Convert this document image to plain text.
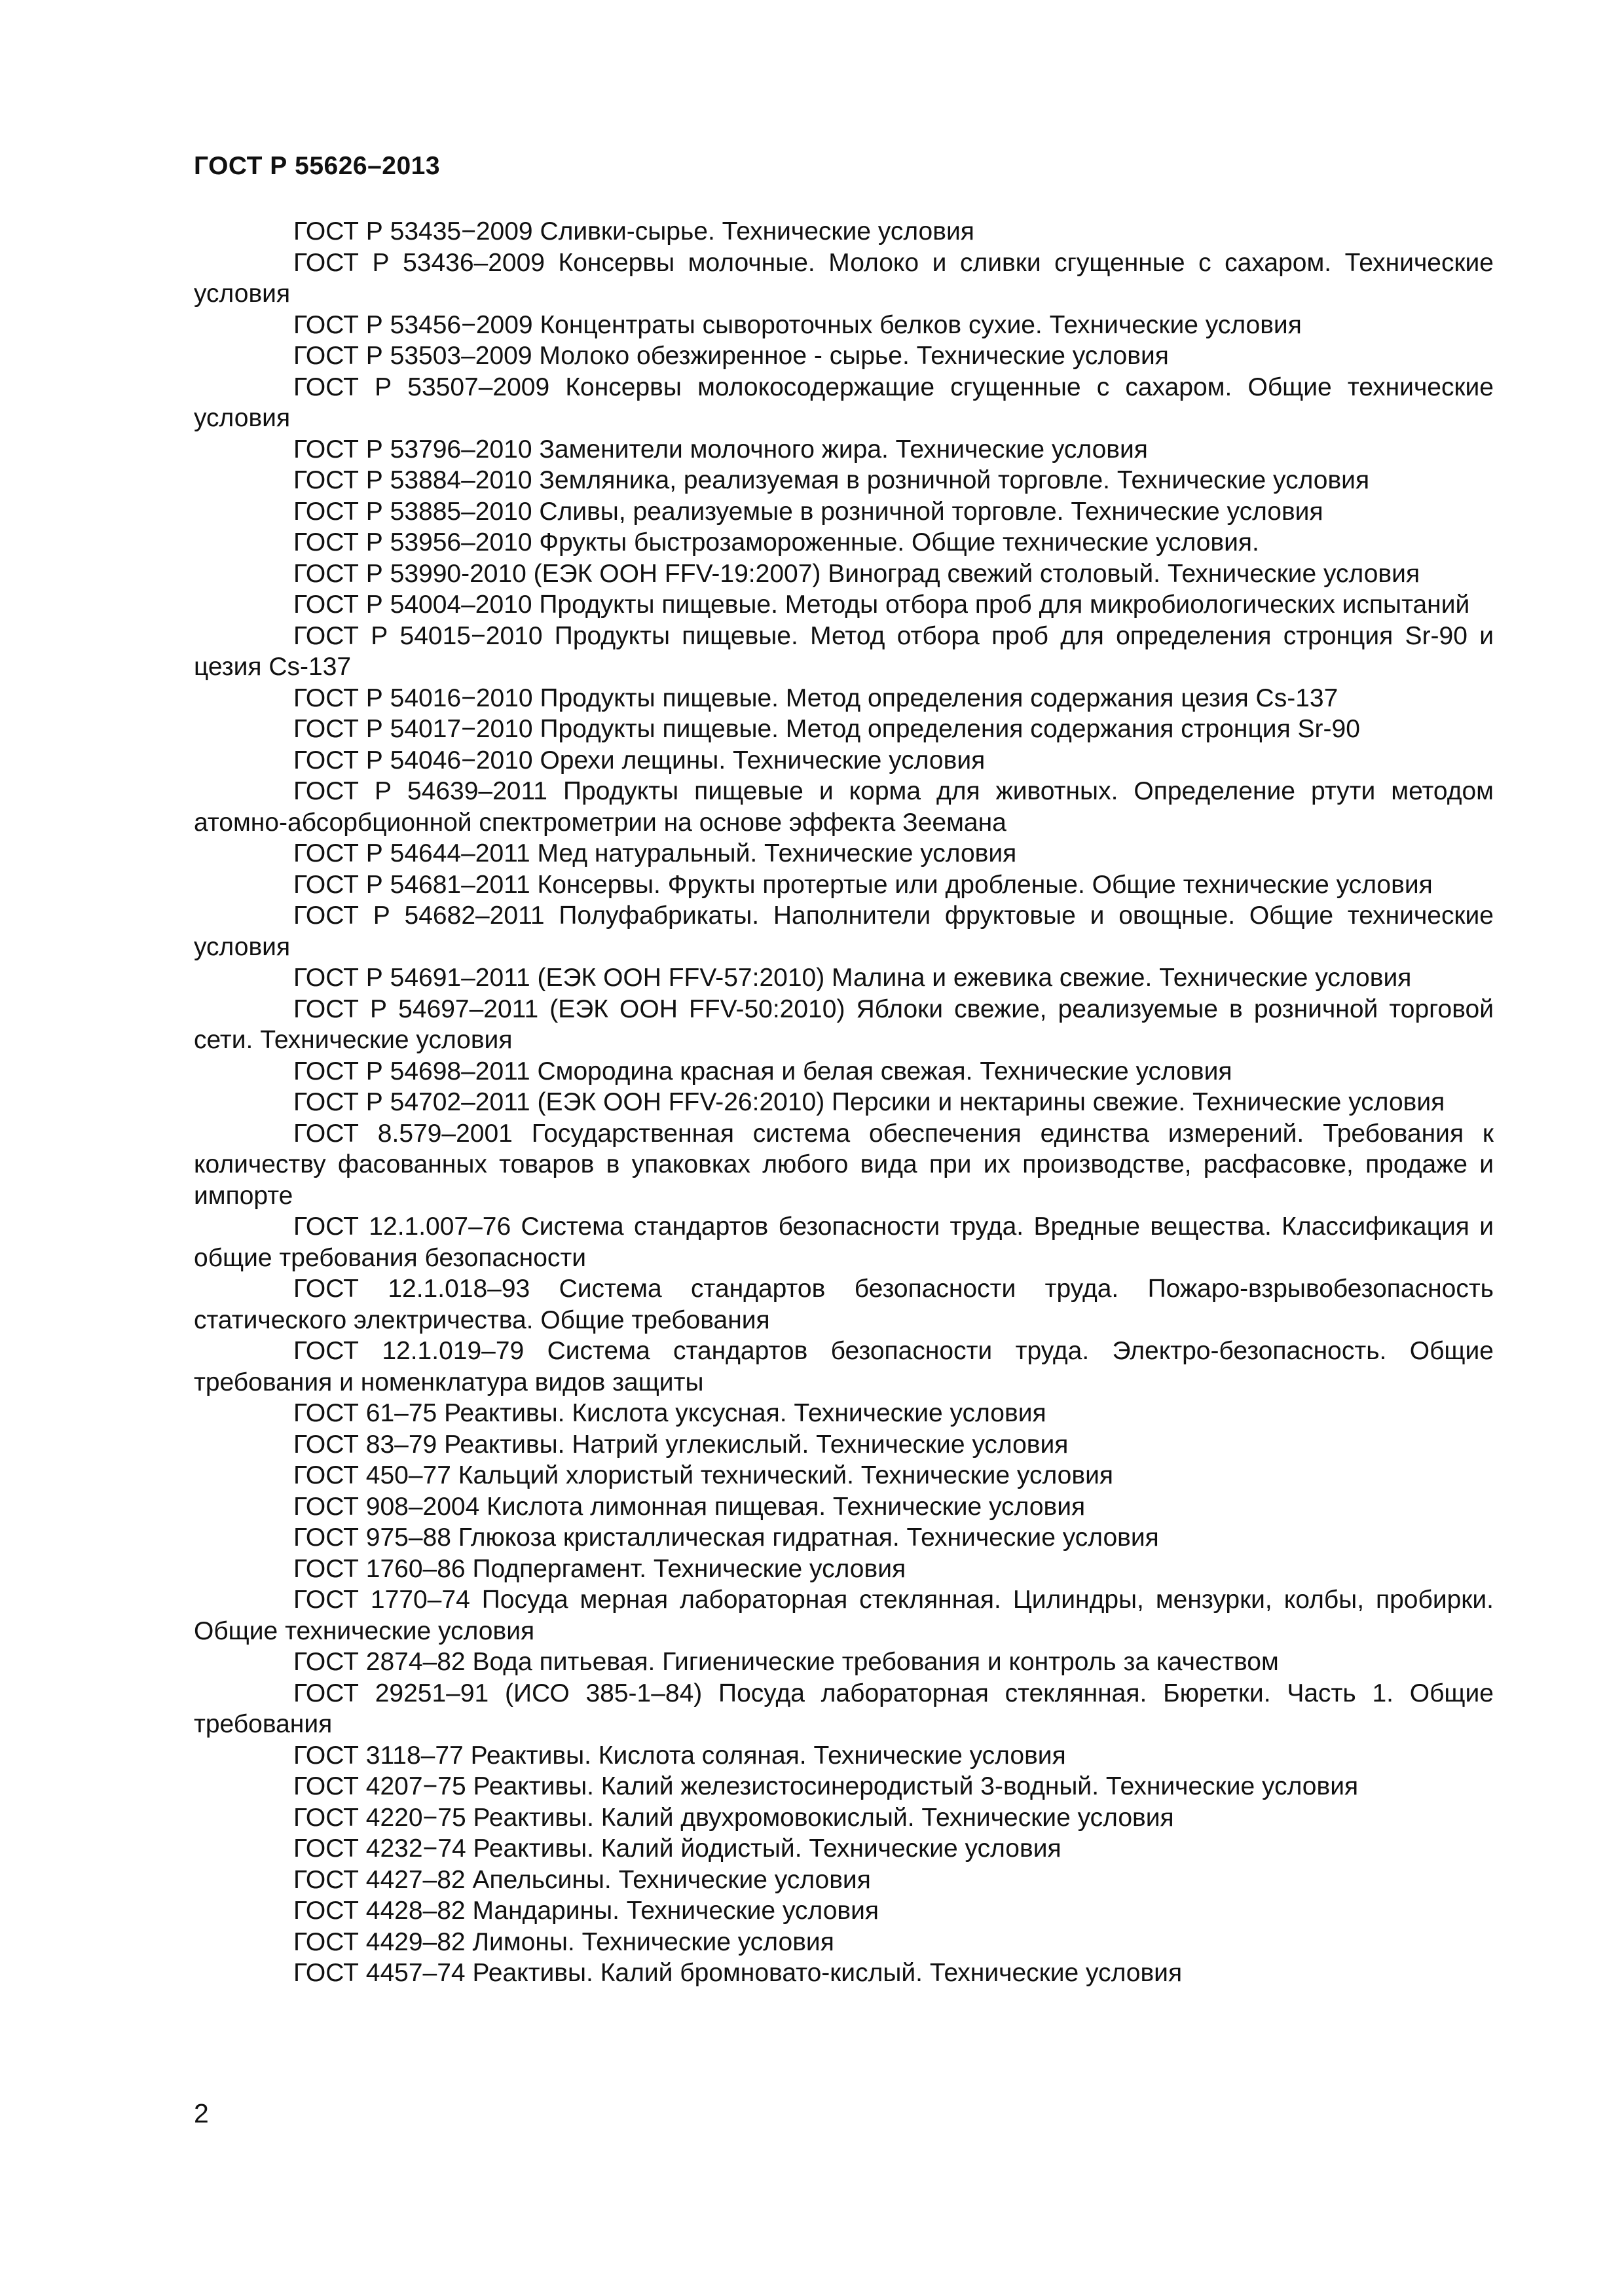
ГОСТ Р 55626–2013

ГОСТ Р 53435−2009 Сливки-сырье. Технические условия

ГОСТ Р 53436–2009 Консервы молочные. Молоко и сливки сгущенные с сахаром. Технические условия

ГОСТ Р 53456−2009 Концентраты сывороточных белков сухие. Технические условия

ГОСТ Р 53503–2009 Молоко обезжиренное - сырье. Технические условия

ГОСТ Р 53507–2009 Консервы молокосодержащие сгущенные с сахаром. Общие технические условия

ГОСТ Р 53796–2010 Заменители молочного жира. Технические условия

ГОСТ Р 53884–2010 Земляника, реализуемая в розничной торговле. Технические условия

ГОСТ Р 53885–2010 Сливы, реализуемые в розничной торговле. Технические условия

ГОСТ Р 53956–2010 Фрукты быстрозамороженные. Общие технические условия.

ГОСТ Р 53990-2010 (ЕЭК ООН FFV-19:2007) Виноград свежий столовый. Технические условия

ГОСТ Р 54004–2010 Продукты пищевые. Методы отбора проб для микробиологических испытаний

ГОСТ Р 54015−2010 Продукты пищевые. Метод отбора проб для определения стронция Sr-90 и цезия Cs-137

ГОСТ Р 54016−2010 Продукты пищевые. Метод определения содержания цезия Cs-137

ГОСТ Р 54017−2010 Продукты пищевые. Метод определения содержания стронция Sr-90

ГОСТ Р 54046−2010 Орехи лещины. Технические условия

ГОСТ Р 54639–2011 Продукты пищевые и корма для животных. Определение ртути методом атомно-абсорбционной спектрометрии на основе эффекта Зеемана

ГОСТ Р 54644–2011 Мед натуральный. Технические условия

ГОСТ Р 54681–2011 Консервы. Фрукты протертые или дробленые. Общие технические условия

ГОСТ Р 54682–2011 Полуфабрикаты. Наполнители фруктовые и овощные. Общие технические условия

ГОСТ Р 54691–2011 (ЕЭК ООН FFV-57:2010) Малина и ежевика свежие. Технические условия

ГОСТ Р 54697–2011 (ЕЭК ООН FFV-50:2010) Яблоки свежие, реализуемые в розничной торговой сети. Технические условия

ГОСТ Р 54698–2011 Смородина красная и белая свежая. Технические условия

ГОСТ Р 54702–2011 (ЕЭК ООН FFV-26:2010) Персики и нектарины свежие. Технические условия

ГОСТ 8.579–2001 Государственная система обеспечения единства измерений. Требования к количеству фасованных товаров в упаковках любого вида при их производстве, расфасовке, продаже и импорте

ГОСТ 12.1.007–76 Система стандартов безопасности труда. Вредные вещества. Классификация и общие требования безопасности

ГОСТ 12.1.018–93 Система стандартов безопасности труда. Пожаро-взрывобезопасность статического электричества. Общие требования

ГОСТ 12.1.019–79 Система стандартов безопасности труда. Электро-безопасность. Общие требования и номенклатура видов защиты

ГОСТ 61–75 Реактивы. Кислота уксусная. Технические условия

ГОСТ 83–79 Реактивы. Натрий углекислый. Технические условия

ГОСТ 450–77 Кальций хлористый технический. Технические условия

ГОСТ 908–2004 Кислота лимонная пищевая. Технические условия

ГОСТ 975–88 Глюкоза кристаллическая гидратная. Технические условия

ГОСТ 1760–86 Подпергамент. Технические условия

ГОСТ 1770–74 Посуда мерная лабораторная стеклянная. Цилиндры, мензурки, колбы, пробирки. Общие технические условия

ГОСТ 2874–82 Вода питьевая. Гигиенические требования и контроль за качеством

ГОСТ 29251–91 (ИСО 385-1–84) Посуда лабораторная стеклянная. Бюретки. Часть 1. Общие требования

ГОСТ 3118–77 Реактивы. Кислота соляная. Технические условия

ГОСТ 4207−75 Реактивы. Калий железистосинеродистый 3-водный. Технические условия

ГОСТ 4220−75 Реактивы. Калий двухромовокислый. Технические условия

ГОСТ 4232−74 Реактивы. Калий йодистый. Технические условия

ГОСТ 4427–82 Апельсины. Технические условия

ГОСТ 4428–82 Мандарины. Технические условия

ГОСТ 4429–82 Лимоны. Технические условия

ГОСТ 4457–74 Реактивы. Калий бромновато-кислый. Технические условия

2
